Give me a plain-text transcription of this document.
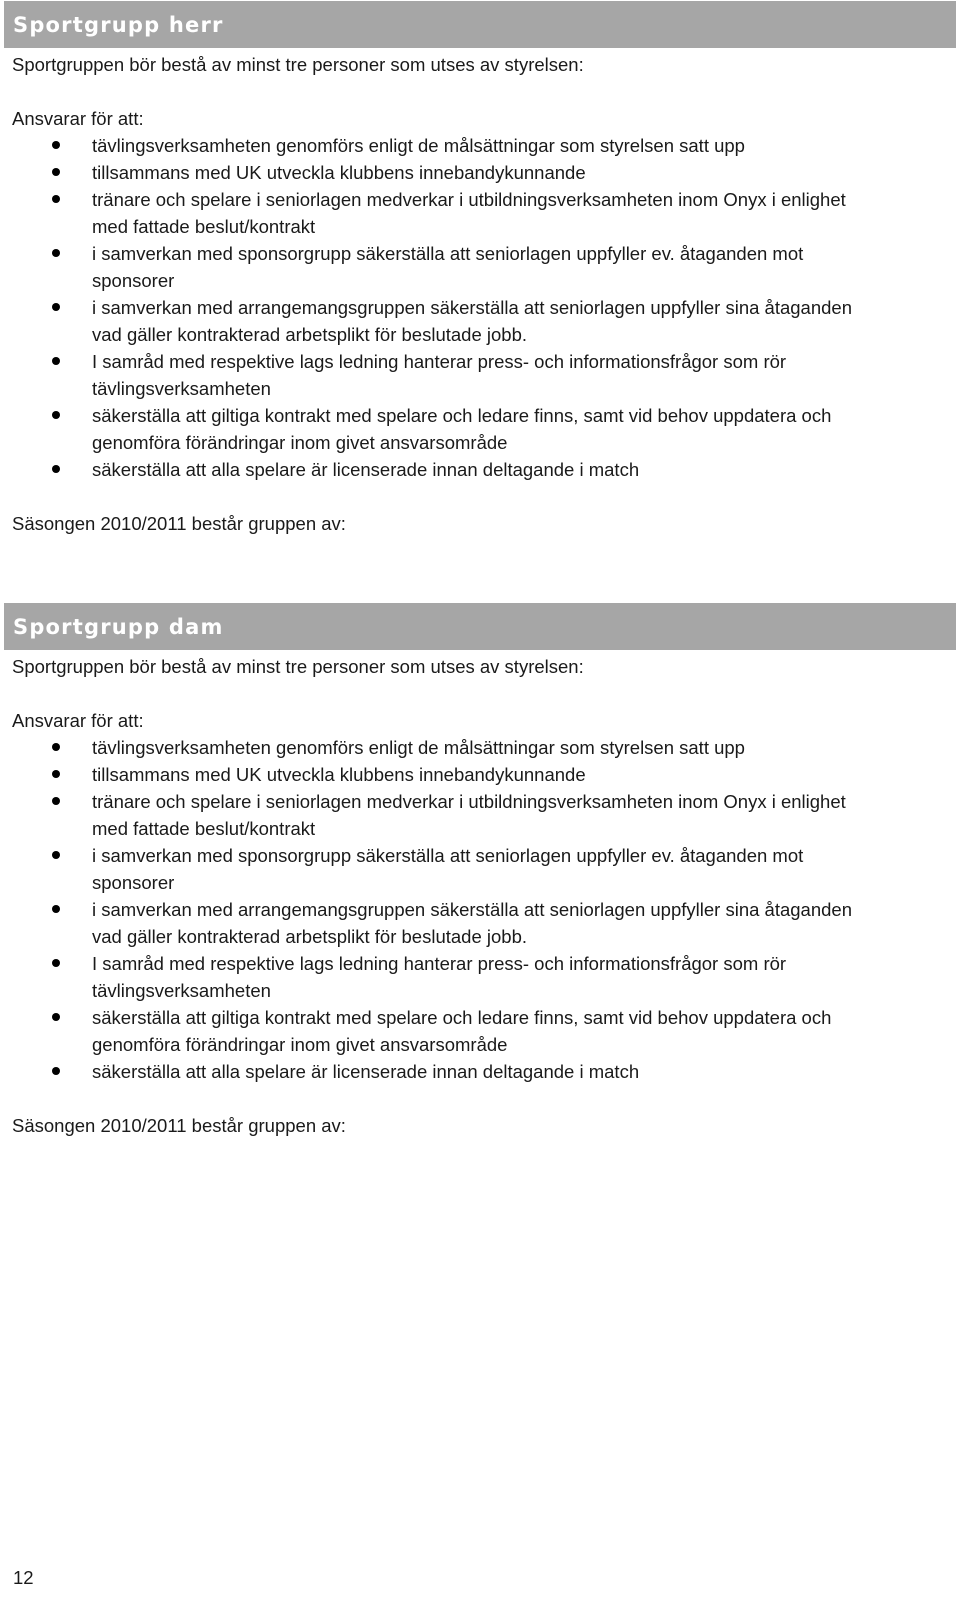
Sportgrupp herr

Sportgruppen bör bestå av minst tre personer som utses av styrelsen:

Ansvarar för att:

tävlingsverksamheten genomförs enligt de målsättningar som styrelsen satt upp
tillsammans med UK utveckla klubbens innebandykunnande
tränare och spelare i seniorlagen medverkar i utbildningsverksamheten inom Onyx i enlighet
med fattade beslut/kontrakt
i samverkan med sponsorgrupp säkerställa att seniorlagen uppfyller ev. åtaganden mot
sponsorer
i samverkan med arrangemangsgruppen säkerställa att seniorlagen uppfyller sina åtaganden
vad gäller kontrakterad arbetsplikt för beslutade jobb.
I samråd med respektive lags ledning hanterar press- och informationsfrågor som rör
tävlingsverksamheten
säkerställa att giltiga kontrakt med spelare och ledare finns, samt vid behov uppdatera och
genomföra förändringar inom givet ansvarsområde
säkerställa att alla spelare är licenserade innan deltagande i match

Säsongen 2010/2011 består gruppen av:

Sportgrupp dam

Sportgruppen bör bestå av minst tre personer som utses av styrelsen:

Ansvarar för att:

tävlingsverksamheten genomförs enligt de målsättningar som styrelsen satt upp
tillsammans med UK utveckla klubbens innebandykunnande
tränare och spelare i seniorlagen medverkar i utbildningsverksamheten inom Onyx i enlighet
med fattade beslut/kontrakt
i samverkan med sponsorgrupp säkerställa att seniorlagen uppfyller ev. åtaganden mot
sponsorer
i samverkan med arrangemangsgruppen säkerställa att seniorlagen uppfyller sina åtaganden
vad gäller kontrakterad arbetsplikt för beslutade jobb.
I samråd med respektive lags ledning hanterar press- och informationsfrågor som rör
tävlingsverksamheten
säkerställa att giltiga kontrakt med spelare och ledare finns, samt vid behov uppdatera och
genomföra förändringar inom givet ansvarsområde
säkerställa att alla spelare är licenserade innan deltagande i match

Säsongen 2010/2011 består gruppen av:

12
